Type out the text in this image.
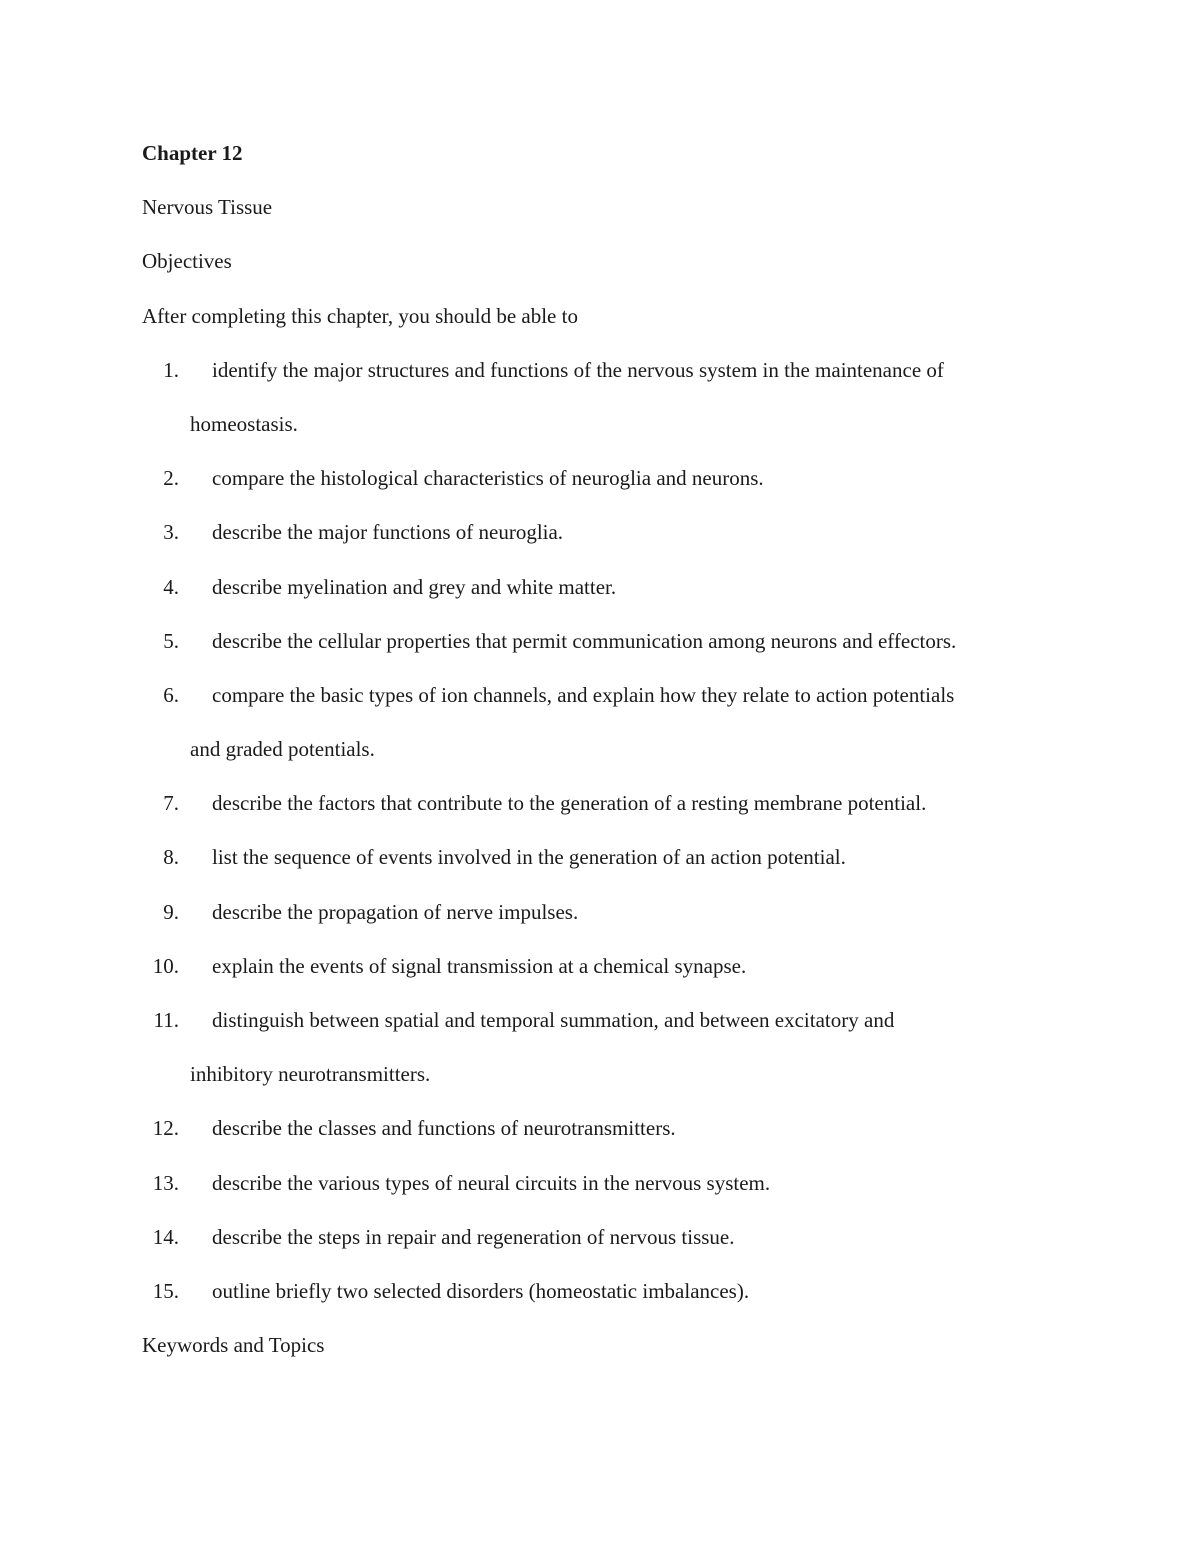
Chapter 12
Nervous Tissue
Objectives
After completing this chapter, you should be able to
1. identify the major structures and functions of the nervous system in the maintenance of
homeostasis.
2. compare the histological characteristics of neuroglia and neurons.
3. describe the major functions of neuroglia.
4. describe myelination and grey and white matter.
5. describe the cellular properties that permit communication among neurons and effectors.
6. compare the basic types of ion channels, and explain how they relate to action potentials
and graded potentials.
7. describe the factors that contribute to the generation of a resting membrane potential.
8. list the sequence of events involved in the generation of an action potential.
9. describe the propagation of nerve impulses.
10. explain the events of signal transmission at a chemical synapse.
11. distinguish between spatial and temporal summation, and between excitatory and
inhibitory neurotransmitters.
12. describe the classes and functions of neurotransmitters.
13. describe the various types of neural circuits in the nervous system.
14. describe the steps in repair and regeneration of nervous tissue.
15. outline briefly two selected disorders (homeostatic imbalances).
Keywords and Topics
